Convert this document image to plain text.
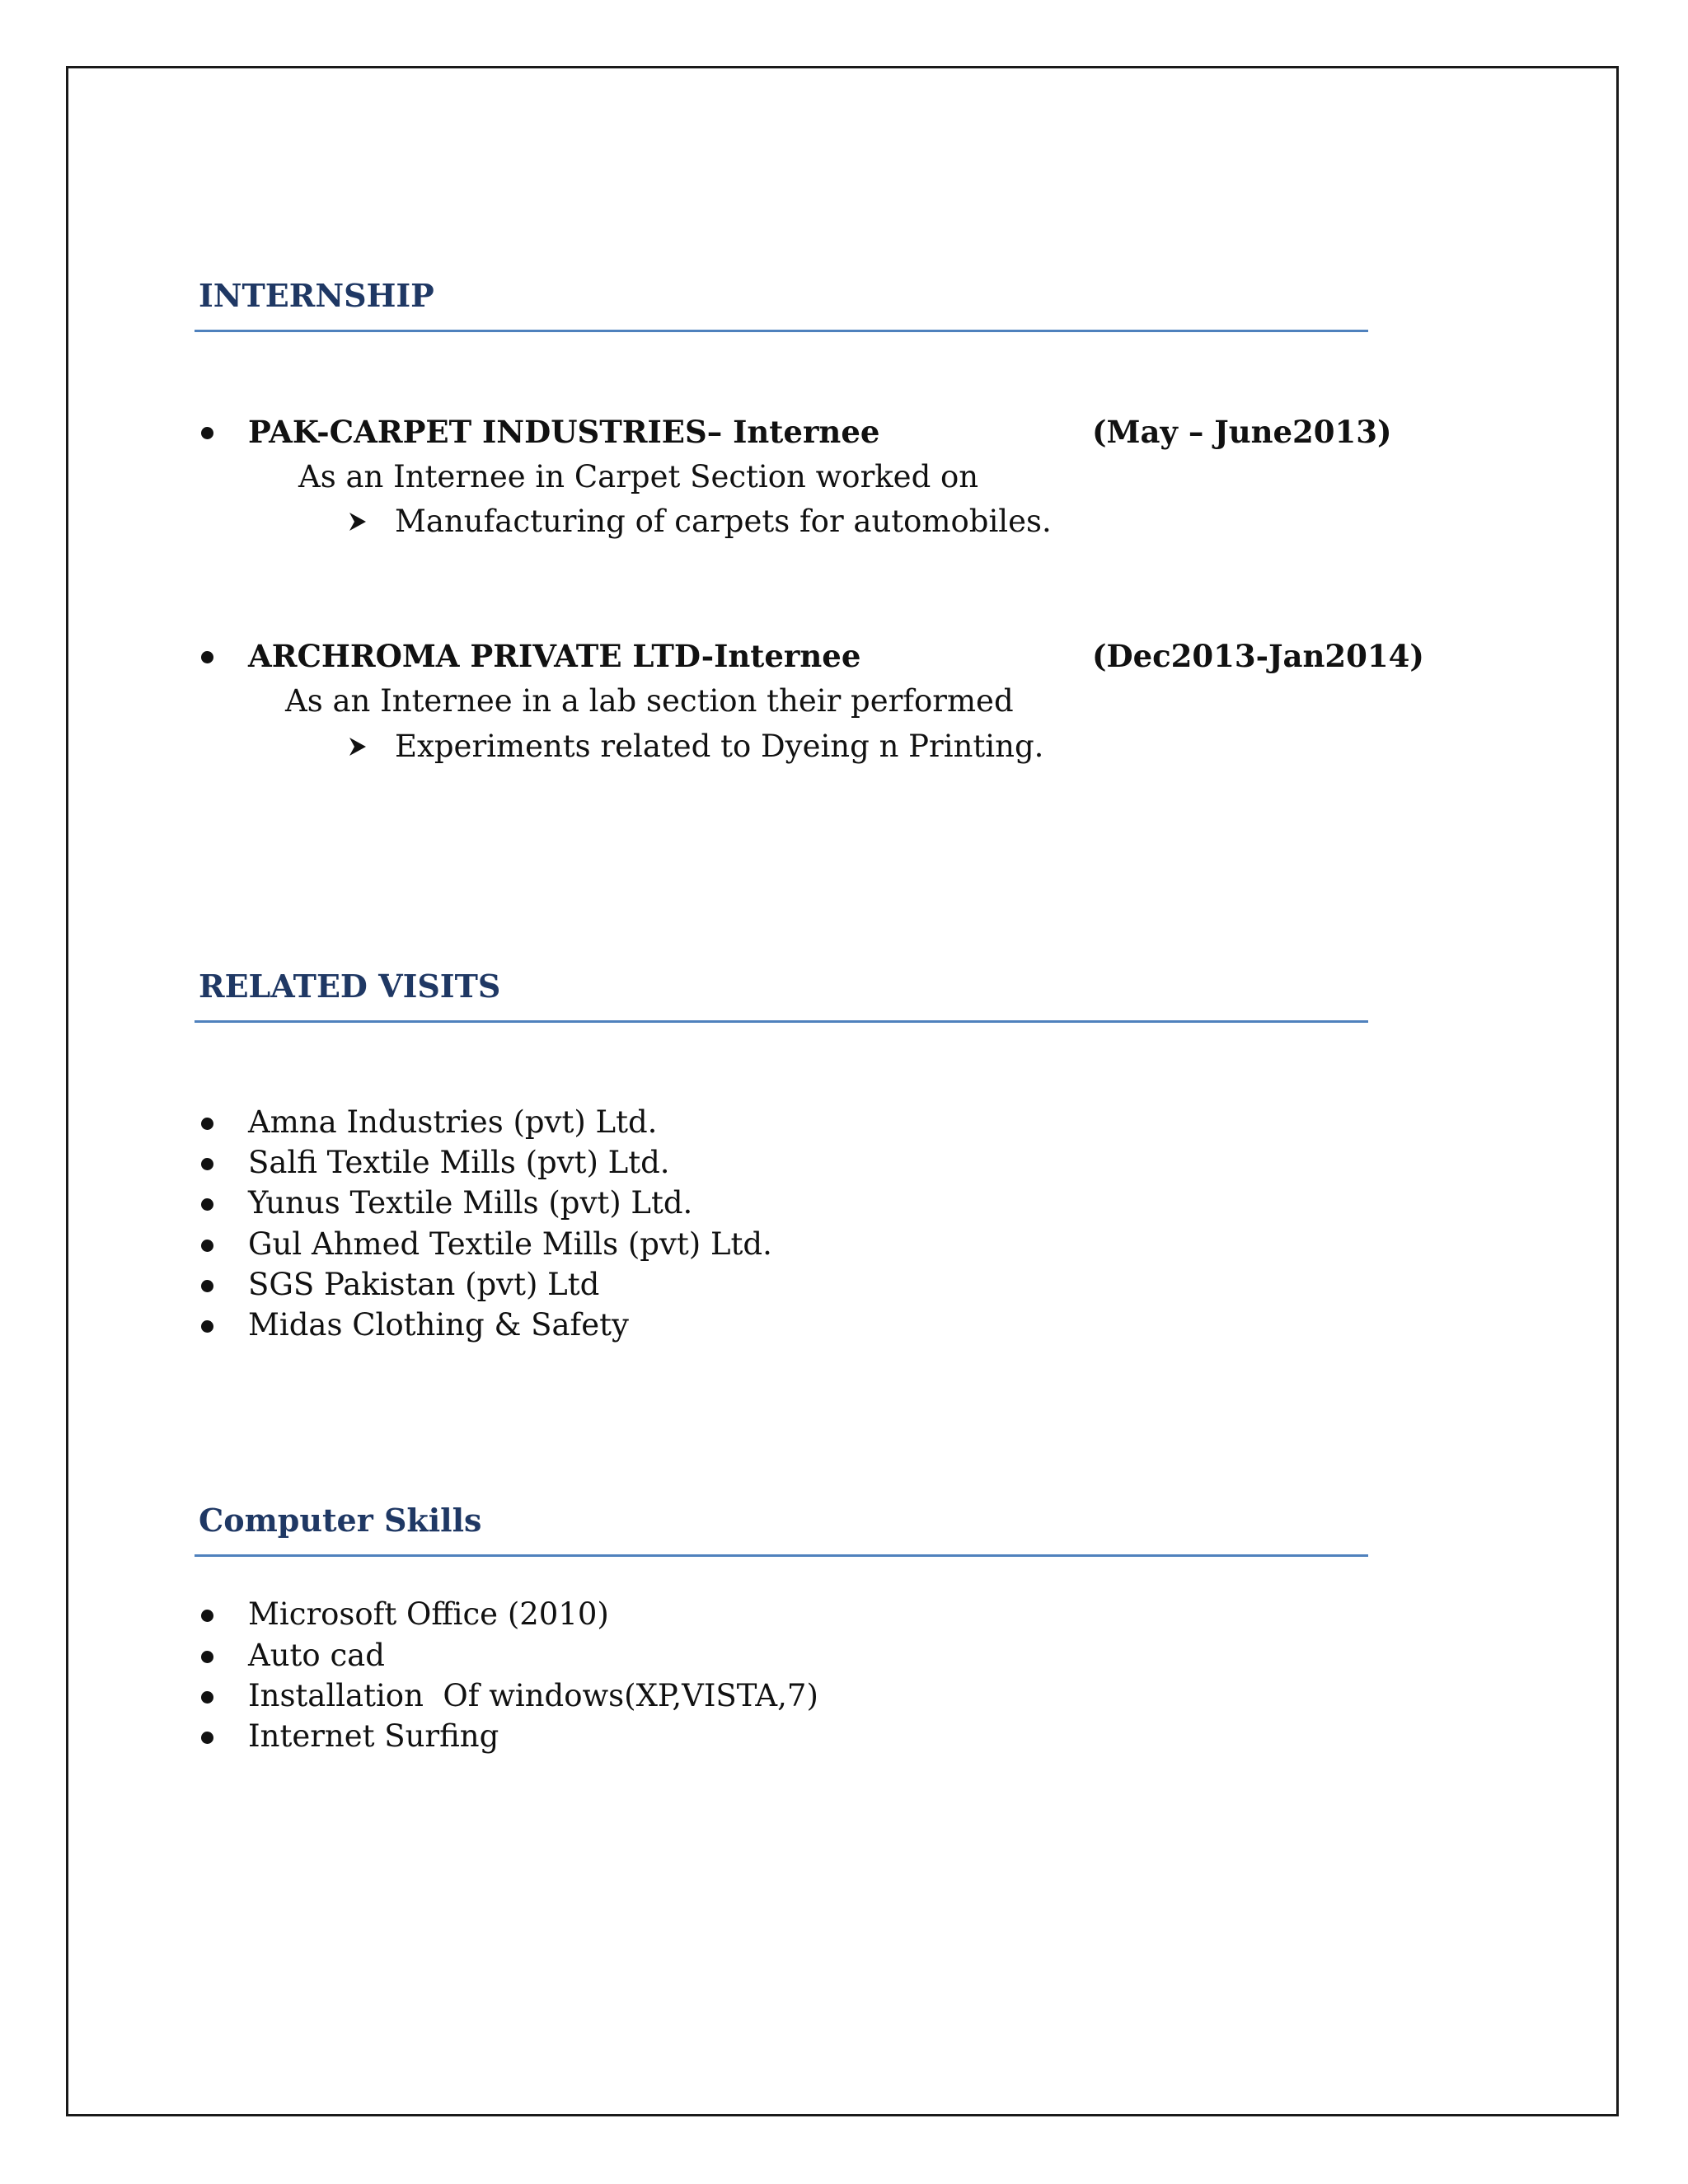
INTERNSHIP
PAK-CARPET INDUSTRIES– Internee	(May – June2013)
As an Internee in Carpet Section worked on
Manufacturing of carpets for automobiles.
ARCHROMA PRIVATE LTD-Internee	(Dec2013-Jan2014)
As an Internee in a lab section their performed
Experiments related to Dyeing n Printing.
RELATED VISITS
Amna Industries (pvt) Ltd.
Salfi Textile Mills (pvt) Ltd.
Yunus Textile Mills (pvt) Ltd.
Gul Ahmed Textile Mills (pvt) Ltd.
SGS Pakistan (pvt) Ltd
Midas Clothing & Safety
Computer Skills
Microsoft Office (2010)
Auto cad
Installation  Of windows(XP,VISTA,7)
Internet Surfing
